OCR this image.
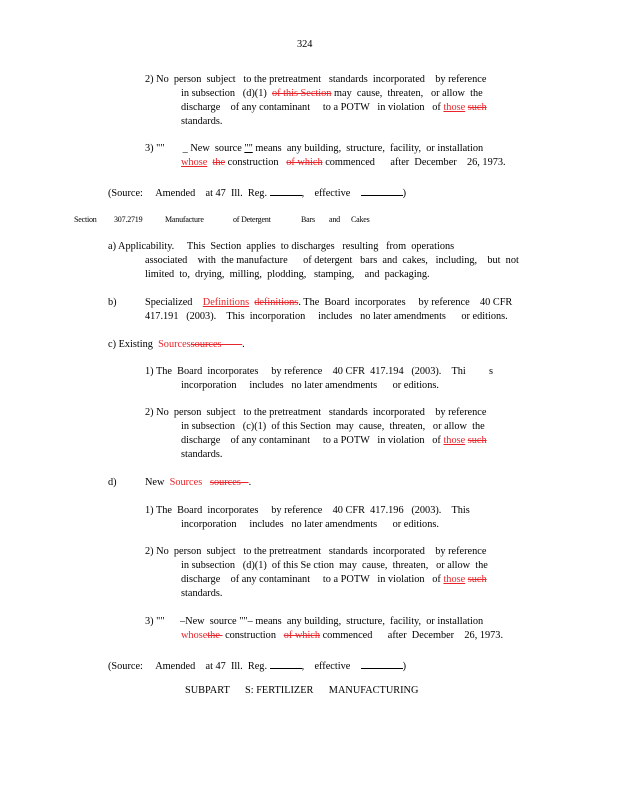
324
2) No  person  subject   to the pretreatment   standards  incorporated    by reference
in subsection   (d)(1) of this Section may  cause,  threaten,   or allow  the
discharge    of any contaminant     to a POTW   in violation   of those such
standards.
3) "" _ New  source "" means  any building,  structure,  facility,  or installation
whose the construction of which commenced      after  December    26, 1973.
(Source: Amended    at 47  Ill.  Reg.	,    effective	)
Section 307.2719	Manufacture	of Detergent	Bars and Cakes
a) Applicability.     This  Section  applies  to discharges   resulting   from  operations
associated    with  the manufacture      of detergent   bars  and  cakes,   including,    but  not
limited  to,  drying,  milling,  plodding,   stamping,    and  packaging.
b)	Specialized Definitions definitions. The  Board  incorporates     by reference    40 CFR
417.191   (2003).    This  incorporation     includes   no later amendments      or editions.
c) Existing Sourcessources .
1) The  Board  incorporates     by reference    40 CFR  417.194   (2003).    Thi s
incorporation     includes   no later amendments      or editions.
2) No  person  subject   to the pretreatment   standards  incorporated    by reference
in subsection   (c)(1)  of this Section  may  cause,  threaten,   or allow  the
discharge    of any contaminant     to a POTW   in violation   of those such
standards.
d)	New Sources sources .
1) The  Board  incorporates     by reference    40 CFR  417.196   (2003).    This
incorporation     includes   no later amendments      or editions.
2) No  person  subject   to the pretreatment   standards  incorporated    by reference
in subsection   (d)(1)  of this Se ction  may  cause,  threaten,   or allow  the
discharge    of any contaminant     to a POTW   in violation   of those such
standards.
3) "" –New  source ""– means  any building,  structure,  facility,  or installation
whosethe construction of which commenced      after  December    26, 1973.
(Source: Amended    at 47  Ill.  Reg.	,    effective	)
SUBPART      S: FERTILIZER      MANUFACTURING
